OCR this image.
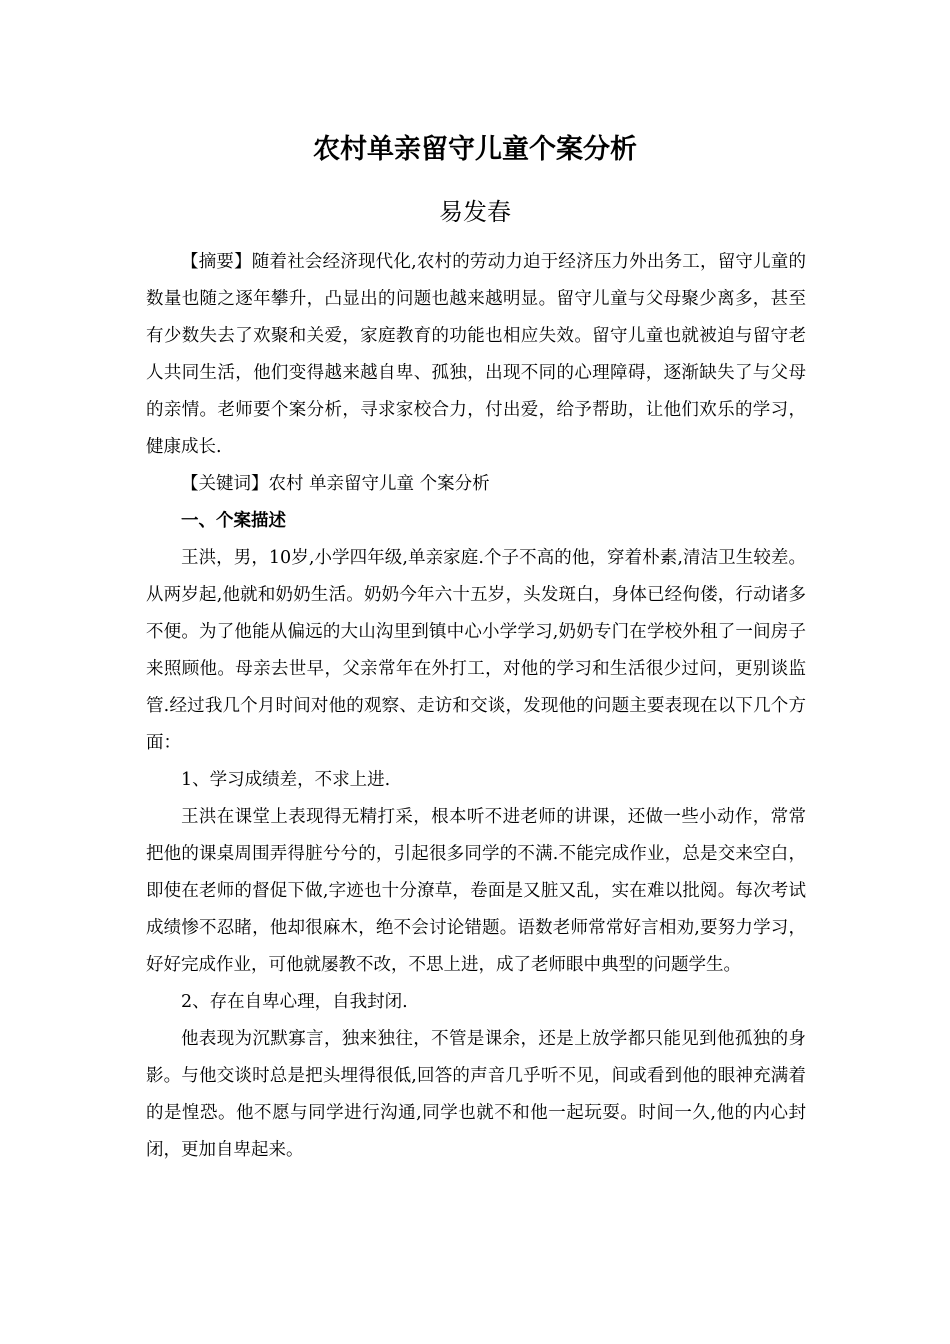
农村单亲留守儿童个案分析
易发春

【摘要】随着社会经济现代化,农村的劳动力迫于经济压力外出务工，留守儿童的数量也随之逐年攀升，凸显出的问题也越来越明显。留守儿童与父母聚少离多，甚至有少数失去了欢聚和关爱，家庭教育的功能也相应失效。留守儿童也就被迫与留守老人共同生活，他们变得越来越自卑、孤独，出现不同的心理障碍，逐渐缺失了与父母的亲情。老师要个案分析，寻求家校合力，付出爱，给予帮助，让他们欢乐的学习，健康成长.

【关键词】农村 单亲留守儿童 个案分析

一、个案描述

王洪，男，10岁,小学四年级,单亲家庭.个子不高的他，穿着朴素,清洁卫生较差。从两岁起,他就和奶奶生活。奶奶今年六十五岁，头发斑白，身体已经佝偻，行动诸多不便。为了他能从偏远的大山沟里到镇中心小学学习,奶奶专门在学校外租了一间房子来照顾他。母亲去世早，父亲常年在外打工，对他的学习和生活很少过问，更别谈监管.经过我几个月时间对他的观察、走访和交谈，发现他的问题主要表现在以下几个方面：

1、学习成绩差，不求上进.

王洪在课堂上表现得无精打采，根本听不进老师的讲课，还做一些小动作，常常把他的课桌周围弄得脏兮兮的，引起很多同学的不满.不能完成作业，总是交来空白，即使在老师的督促下做,字迹也十分潦草，卷面是又脏又乱，实在难以批阅。每次考试成绩惨不忍睹，他却很麻木，绝不会讨论错题。语数老师常常好言相劝,要努力学习，好好完成作业，可他就屡教不改，不思上进，成了老师眼中典型的问题学生。

2、存在自卑心理，自我封闭.

他表现为沉默寡言，独来独往，不管是课余，还是上放学都只能见到他孤独的身影。与他交谈时总是把头埋得很低,回答的声音几乎听不见，间或看到他的眼神充满着的是惶恐。他不愿与同学进行沟通,同学也就不和他一起玩耍。时间一久,他的内心封闭，更加自卑起来。
